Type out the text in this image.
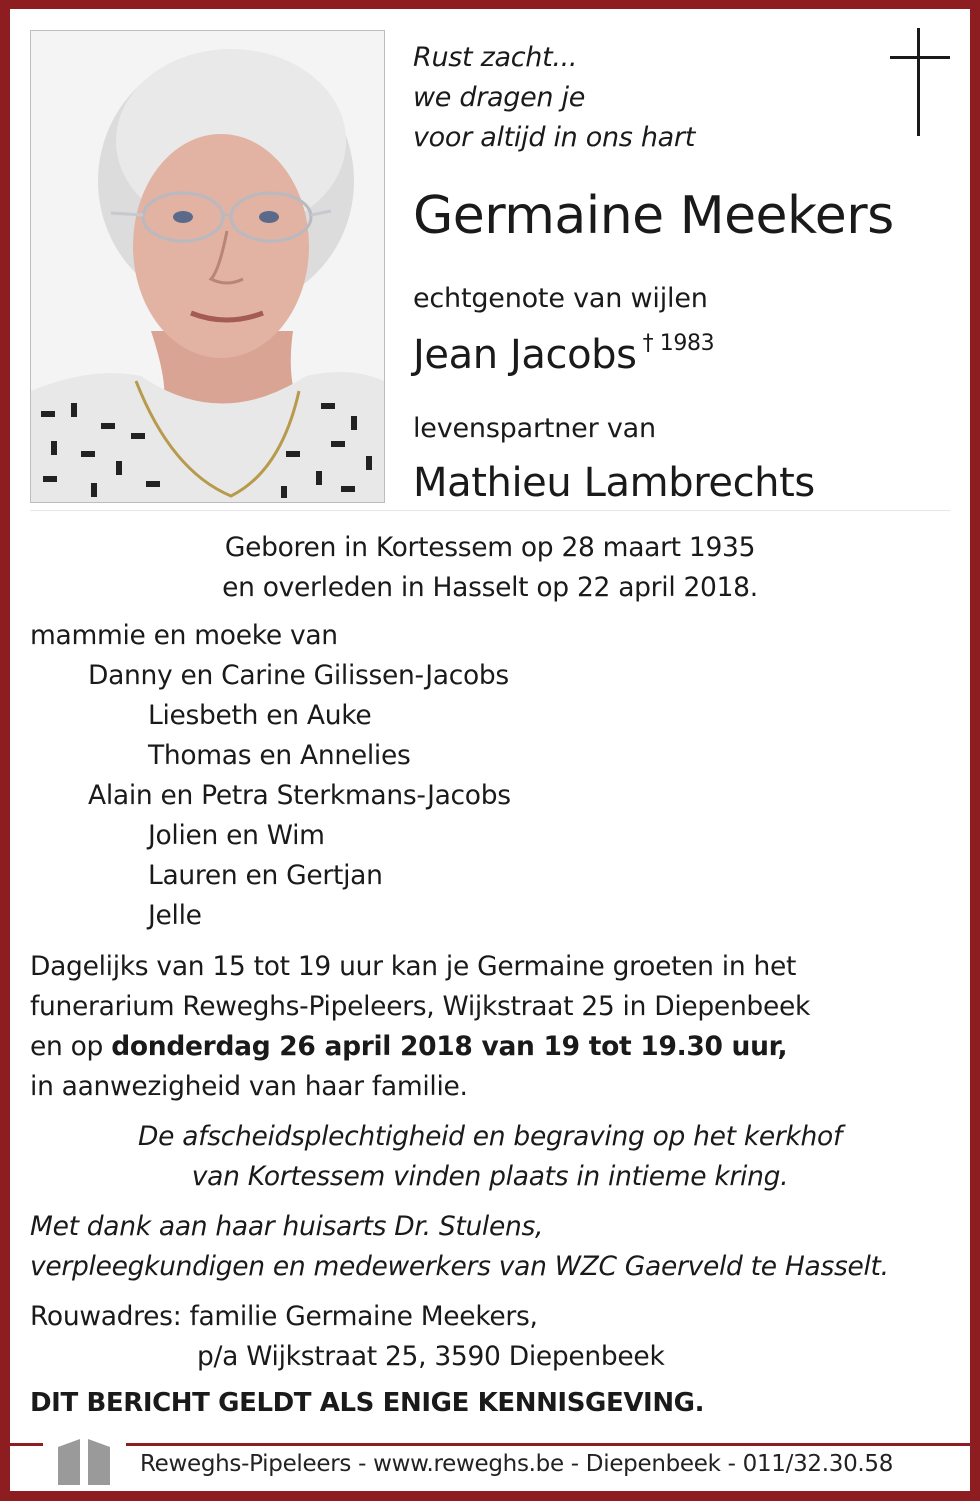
Rust zacht...
we dragen je
voor altijd in ons hart
Germaine Meekers
echtgenote van wijlen
Jean Jacobs $^{\dagger 1983}$
levenspartner van
Mathieu Lambrechts
Geboren in Kortessem op 28 maart 1935
en overleden in Hasselt op 22 april 2018.
mammie en moeke van
Danny en Carine Gilissen-Jacobs
Liesbeth en Auke
Thomas en Annelies
Alain en Petra Sterkmans-Jacobs
Jolien en Wim
Lauren en Gertjan
Jelle
Dagelijks van 15 tot 19 uur kan je Germaine groeten in het
funerarium Reweghs-Pipeleers, Wijkstraat 25 in Diepenbeek
en op donderdag 26 april 2018 van 19 tot 19.30 uur,
in aanwezigheid van haar familie.
De afscheidsplechtigheid en begraving op het kerkhof
van Kortessem vinden plaats in intieme kring.
Met dank aan haar huisarts Dr. Stulens,
verpleegkundigen en medewerkers van WZC Gaerveld te Hasselt.
Rouwadres: familie Germaine Meekers,
p/a Wijkstraat 25, 3590 Diepenbeek
DIT BERICHT GELDT ALS ENIGE KENNISGEVING.
Reweghs-Pipeleers - www.reweghs.be - Diepenbeek - 011/32.30.58
